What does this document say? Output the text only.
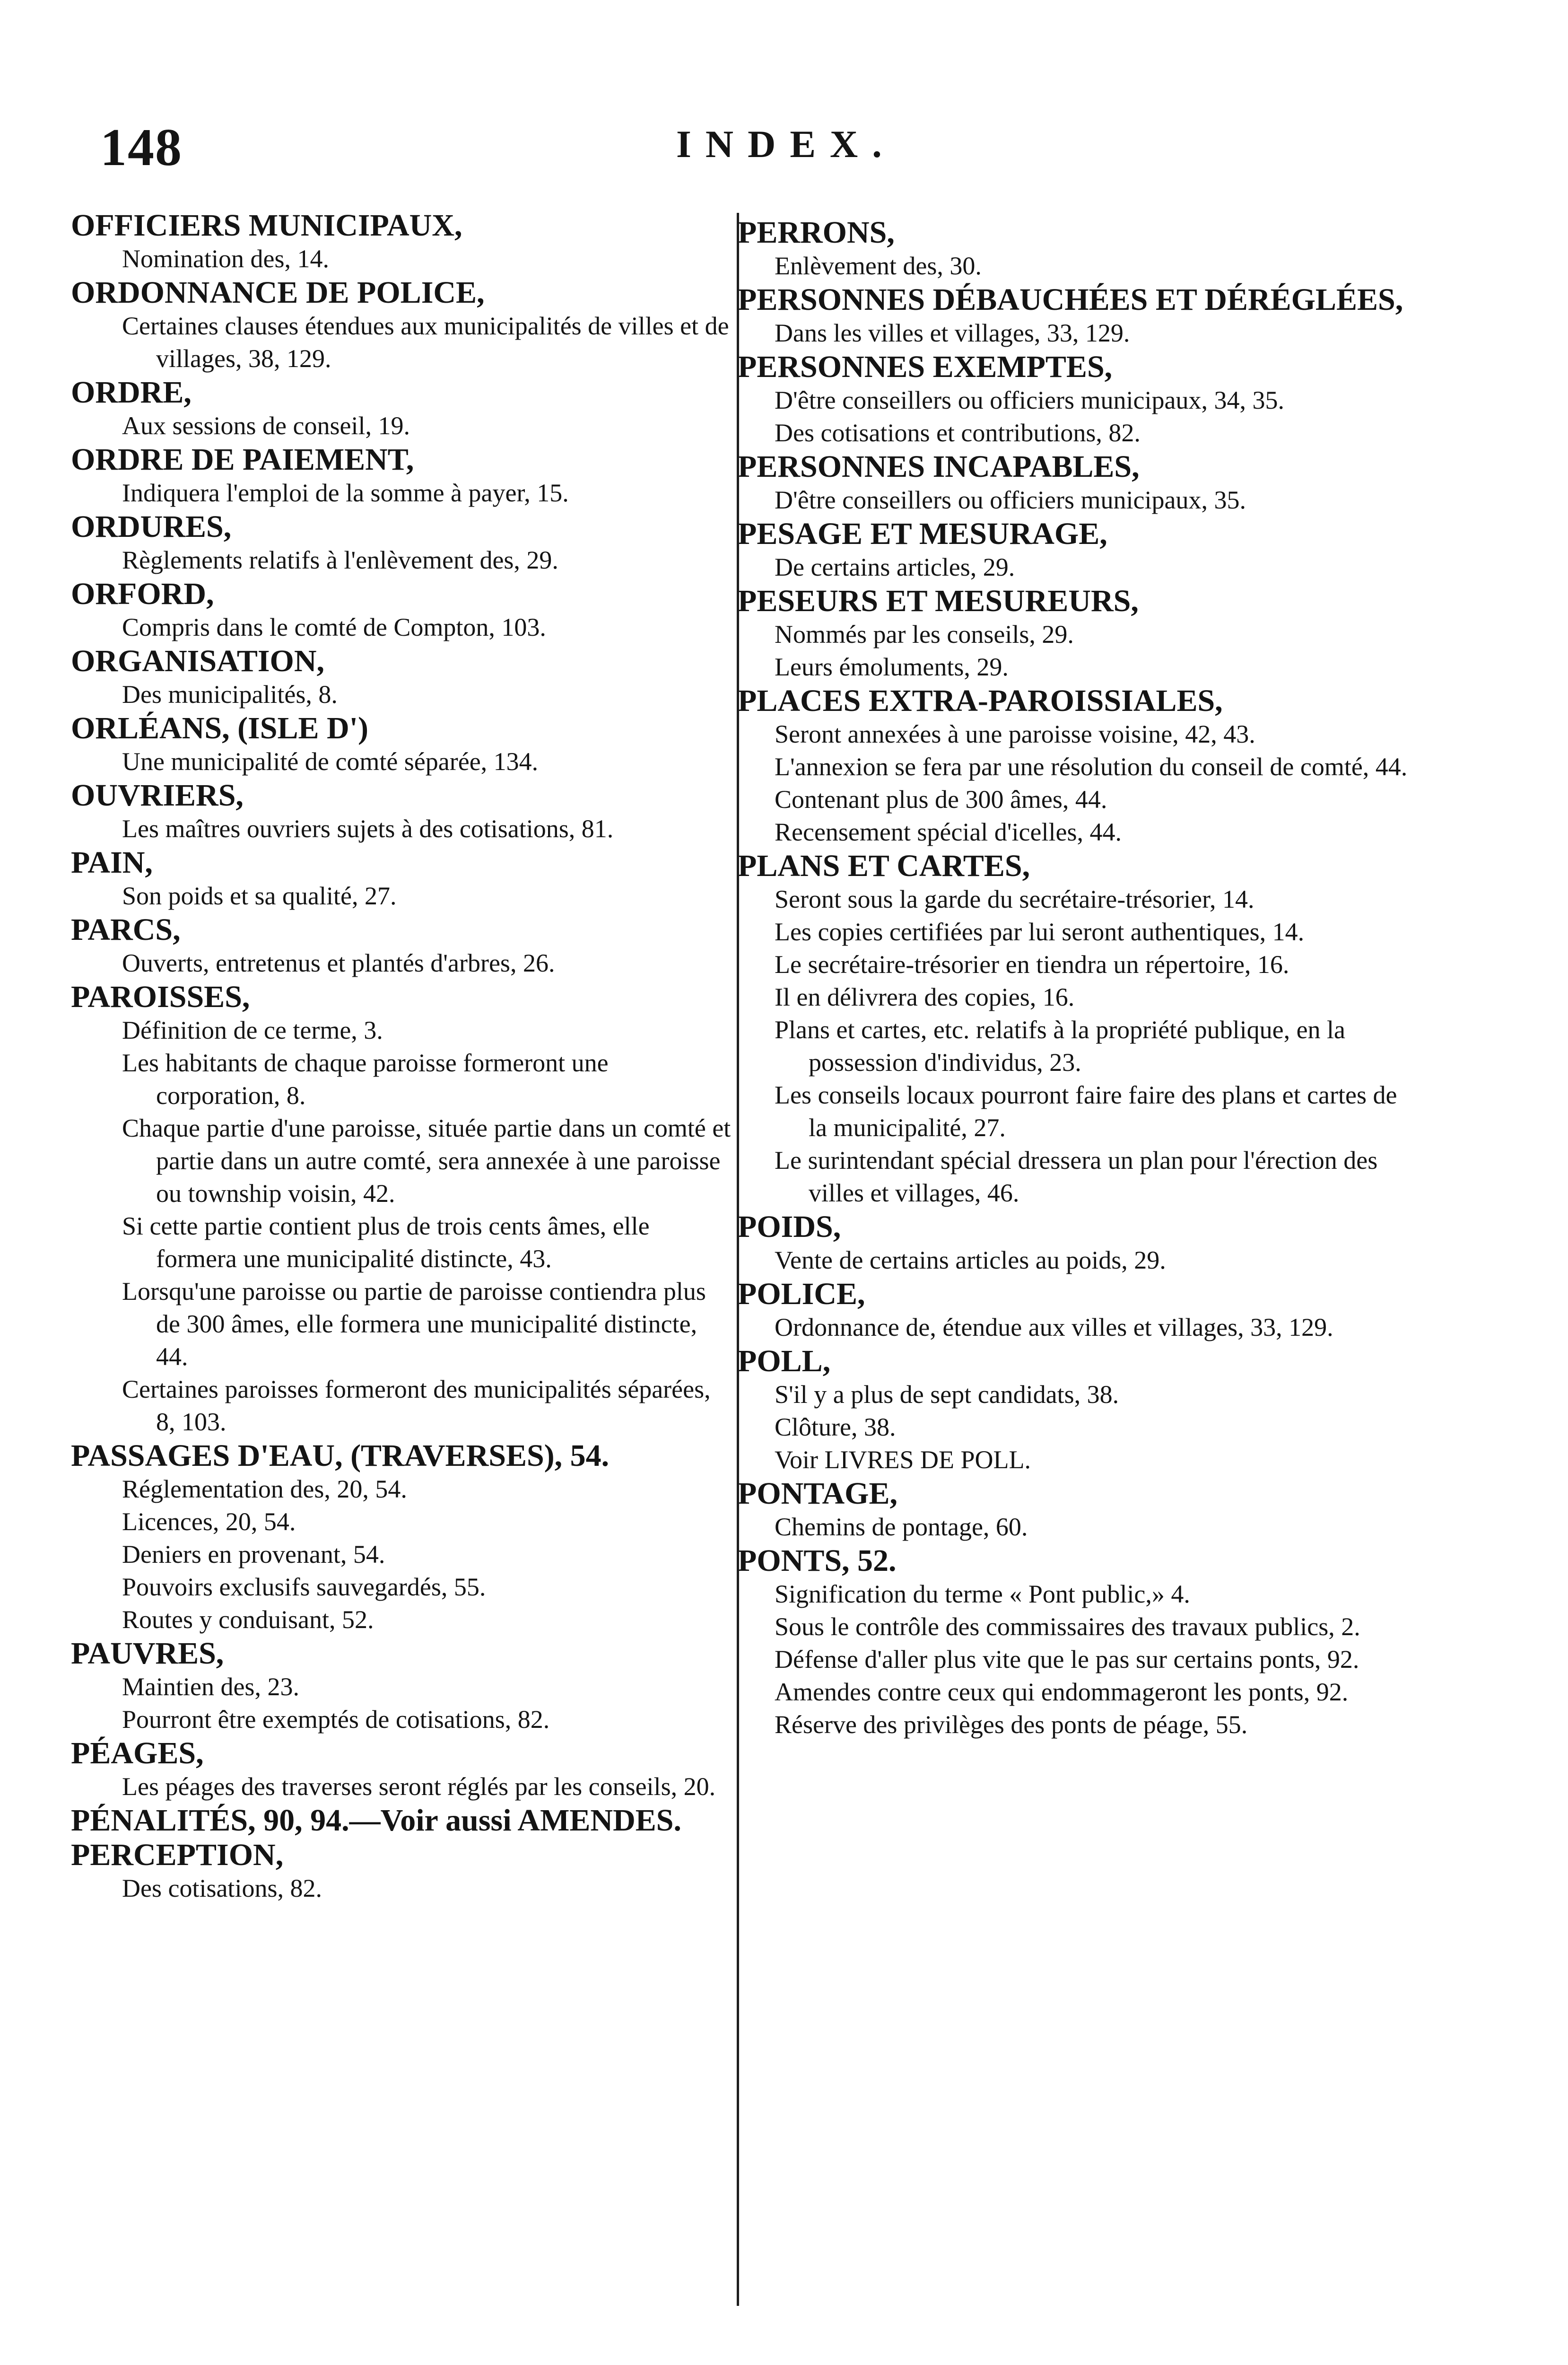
148	INDEX.
OFFICIERS MUNICIPAUX,
Nomination des, 14.
ORDONNANCE DE POLICE,
Certaines clauses étendues aux municipalités de villes et de villages, 38, 129.
ORDRE,
Aux sessions de conseil, 19.
ORDRE DE PAIEMENT,
Indiquera l'emploi de la somme à payer, 15.
ORDURES,
Règlements relatifs à l'enlèvement des, 29.
ORFORD,
Compris dans le comté de Compton, 103.
ORGANISATION,
Des municipalités, 8.
ORLÉANS, (ISLE D')
Une municipalité de comté séparée, 134.
OUVRIERS,
Les maîtres ouvriers sujets à des cotisations, 81.
PAIN,
Son poids et sa qualité, 27.
PARCS,
Ouverts, entretenus et plantés d'arbres, 26.
PAROISSES,
Définition de ce terme, 3.
Les habitants de chaque paroisse formeront une corporation, 8.
Chaque partie d'une paroisse, située partie dans un comté et partie dans un autre comté, sera annexée à une paroisse ou township voisin, 42.
Si cette partie contient plus de trois cents âmes, elle formera une municipalité distincte, 43.
Lorsqu'une paroisse ou partie de paroisse contiendra plus de 300 âmes, elle formera une municipalité distincte, 44.
Certaines paroisses formeront des municipalités séparées, 8, 103.
PASSAGES D'EAU, (TRAVERSES), 54.
Réglementation des, 20, 54.
Licences, 20, 54.
Deniers en provenant, 54.
Pouvoirs exclusifs sauvegardés, 55.
Routes y conduisant, 52.
PAUVRES,
Maintien des, 23.
Pourront être exemptés de cotisations, 82.
PÉAGES,
Les péages des traverses seront réglés par les conseils, 20.
PÉNALITÉS, 90, 94.—Voir aussi AMENDES.
PERCEPTION,
Des cotisations, 82.
PERRONS,
Enlèvement des, 30.
PERSONNES DÉBAUCHÉES ET DÉRÉGLÉES,
Dans les villes et villages, 33, 129.
PERSONNES EXEMPTES,
D'être conseillers ou officiers municipaux, 34, 35.
Des cotisations et contributions, 82.
PERSONNES INCAPABLES,
D'être conseillers ou officiers municipaux, 35.
PESAGE ET MESURAGE,
De certains articles, 29.
PESEURS ET MESUREURS,
Nommés par les conseils, 29.
Leurs émoluments, 29.
PLACES EXTRA-PAROISSIALES,
Seront annexées à une paroisse voisine, 42, 43.
L'annexion se fera par une résolution du conseil de comté, 44.
Contenant plus de 300 âmes, 44.
Recensement spécial d'icelles, 44.
PLANS ET CARTES,
Seront sous la garde du secrétaire-trésorier, 14.
Les copies certifiées par lui seront authentiques, 14.
Le secrétaire-trésorier en tiendra un répertoire, 16.
Il en délivrera des copies, 16.
Plans et cartes, etc. relatifs à la propriété publique, en la possession d'individus, 23.
Les conseils locaux pourront faire faire des plans et cartes de la municipalité, 27.
Le surintendant spécial dressera un plan pour l'érection des villes et villages, 46.
POIDS,
Vente de certains articles au poids, 29.
POLICE,
Ordonnance de, étendue aux villes et villages, 33, 129.
POLL,
S'il y a plus de sept candidats, 38.
Clôture, 38.
Voir LIVRES DE POLL.
PONTAGE,
Chemins de pontage, 60.
PONTS, 52.
Signification du terme « Pont public,» 4.
Sous le contrôle des commissaires des travaux publics, 2.
Défense d'aller plus vite que le pas sur certains ponts, 92.
Amendes contre ceux qui endommageront les ponts, 92.
Réserve des privilèges des ponts de péage, 55.
